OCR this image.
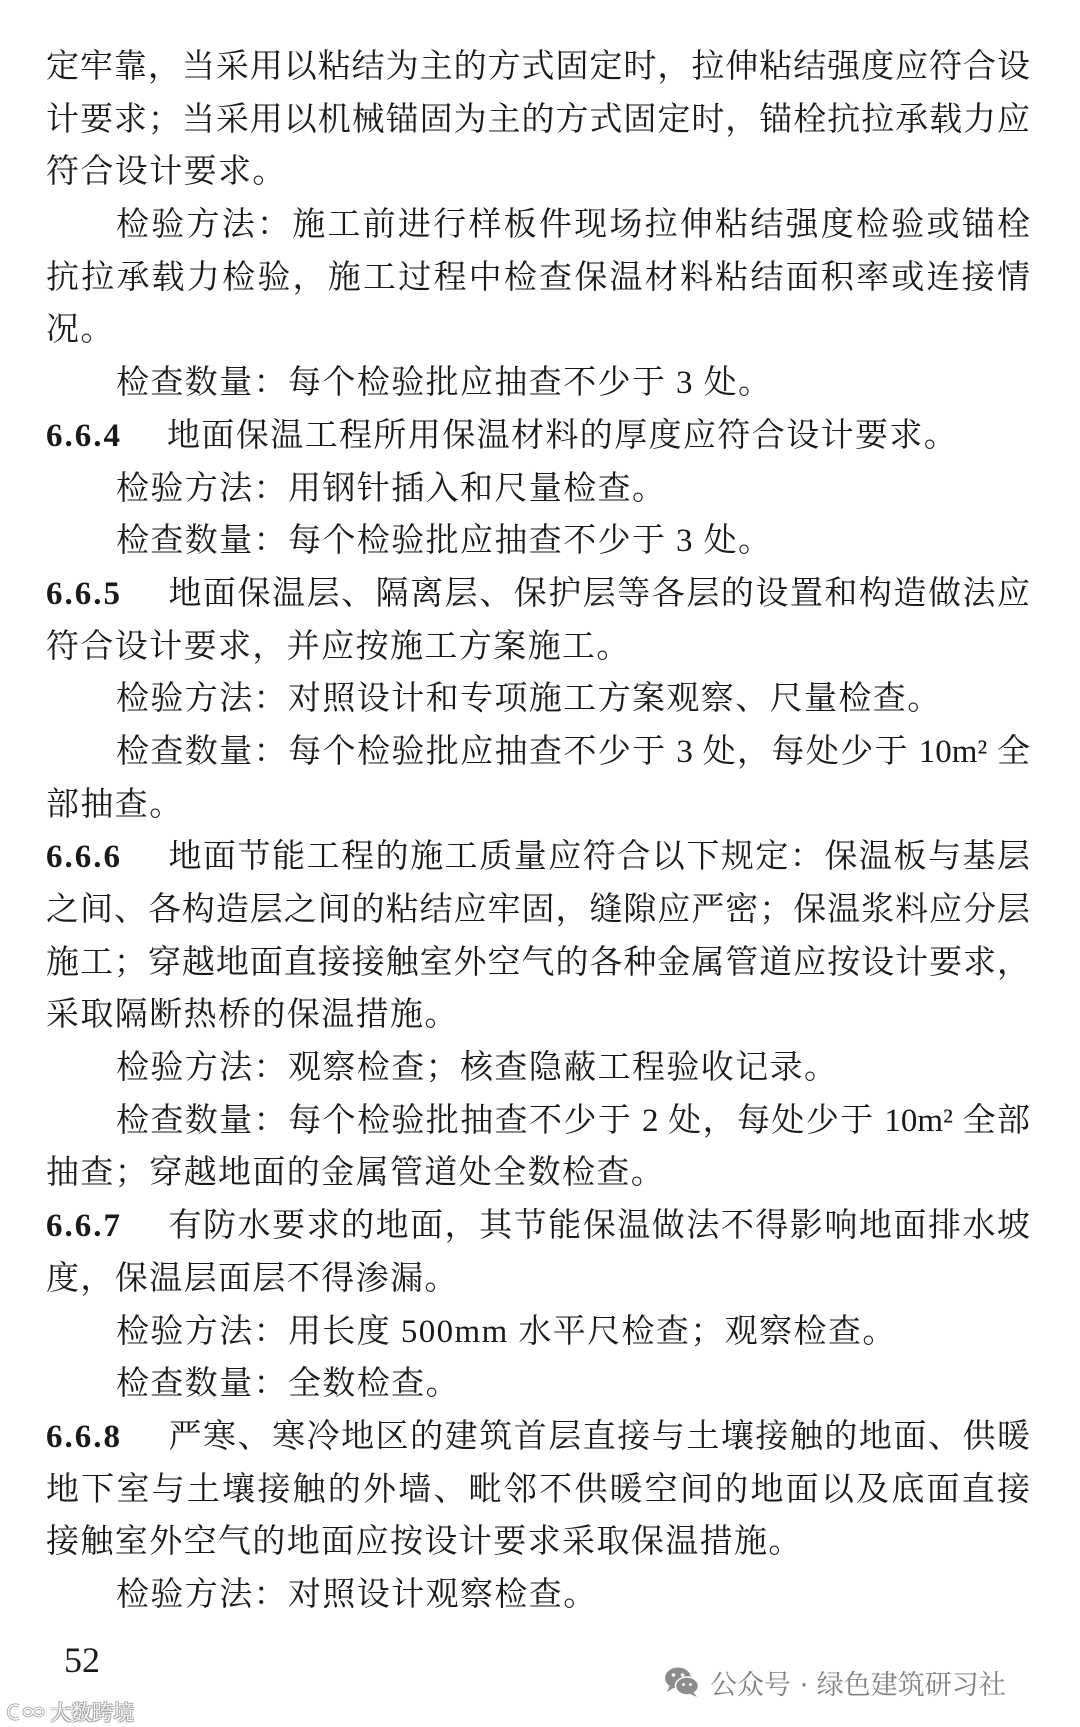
定牢靠，当采用以粘结为主的方式固定时，拉伸粘结强度应符合设
计要求；当采用以机械锚固为主的方式固定时，锚栓抗拉承载力应
符合设计要求。
检验方法：施工前进行样板件现场拉伸粘结强度检验或锚栓
抗拉承载力检验，施工过程中检查保温材料粘结面积率或连接情
况。
检查数量：每个检验批应抽查不少于 3 处。
6.6.4 地面保温工程所用保温材料的厚度应符合设计要求。
检验方法：用钢针插入和尺量检查。
检查数量：每个检验批应抽查不少于 3 处。
6.6.5 地面保温层、隔离层、保护层等各层的设置和构造做法应
符合设计要求，并应按施工方案施工。
检验方法：对照设计和专项施工方案观察、尺量检查。
检查数量：每个检验批应抽查不少于 3 处，每处少于 10m² 全
部抽查。
6.6.6 地面节能工程的施工质量应符合以下规定：保温板与基层
之间、各构造层之间的粘结应牢固，缝隙应严密；保温浆料应分层
施工；穿越地面直接接触室外空气的各种金属管道应按设计要求，
采取隔断热桥的保温措施。
检验方法：观察检查；核查隐蔽工程验收记录。
检查数量：每个检验批抽查不少于 2 处，每处少于 10m² 全部
抽查；穿越地面的金属管道处全数检查。
6.6.7 有防水要求的地面，其节能保温做法不得影响地面排水坡
度，保温层面层不得渗漏。
检验方法：用长度 500mm 水平尺检查；观察检查。
检查数量：全数检查。
6.6.8 严寒、寒冷地区的建筑首层直接与土壤接触的地面、供暖
地下室与土壤接触的外墙、毗邻不供暖空间的地面以及底面直接
接触室外空气的地面应按设计要求采取保温措施。
检验方法：对照设计观察检查。
52
公众号 · 绿色建筑研习社
大数跨境
